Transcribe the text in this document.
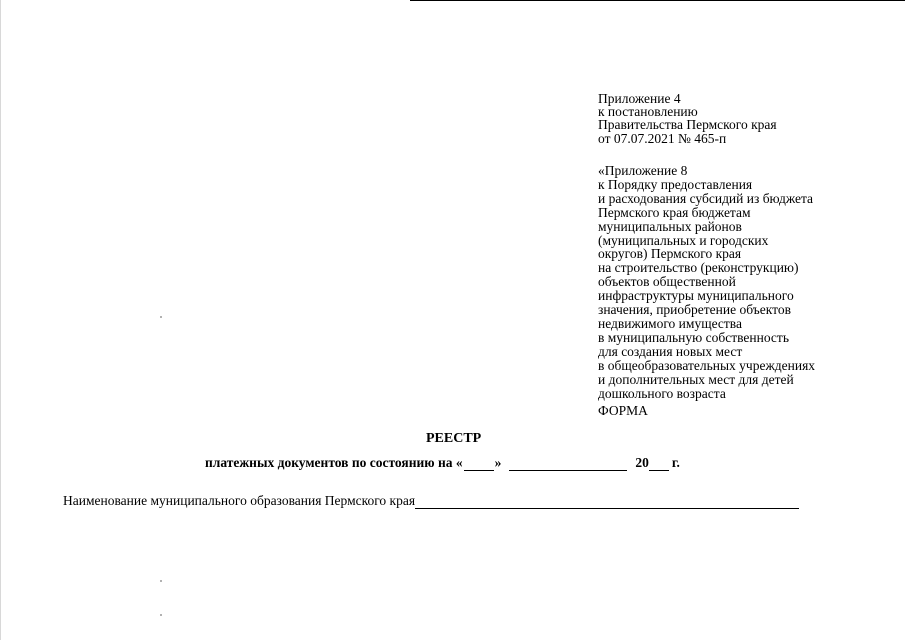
Приложение 4
к постановлению
Правительства Пермского края
от 07.07.2021 № 465-п
«Приложение 8
к Порядку предоставления
и расходования субсидий из бюджета
Пермского края бюджетам
муниципальных районов
(муниципальных и городских
округов) Пермского края
на строительство (реконструкцию)
объектов общественной
инфраструктуры муниципального
значения, приобретение объектов
недвижимого имущества
в муниципальную собственность
для создания новых мест
в общеобразовательных учреждениях
и дополнительных мест для детей
дошкольного возраста
ФОРМА
РЕЕСТР
платежных документов по состоянию на « »	20 г.
Наименование муниципального образования Пермского края
